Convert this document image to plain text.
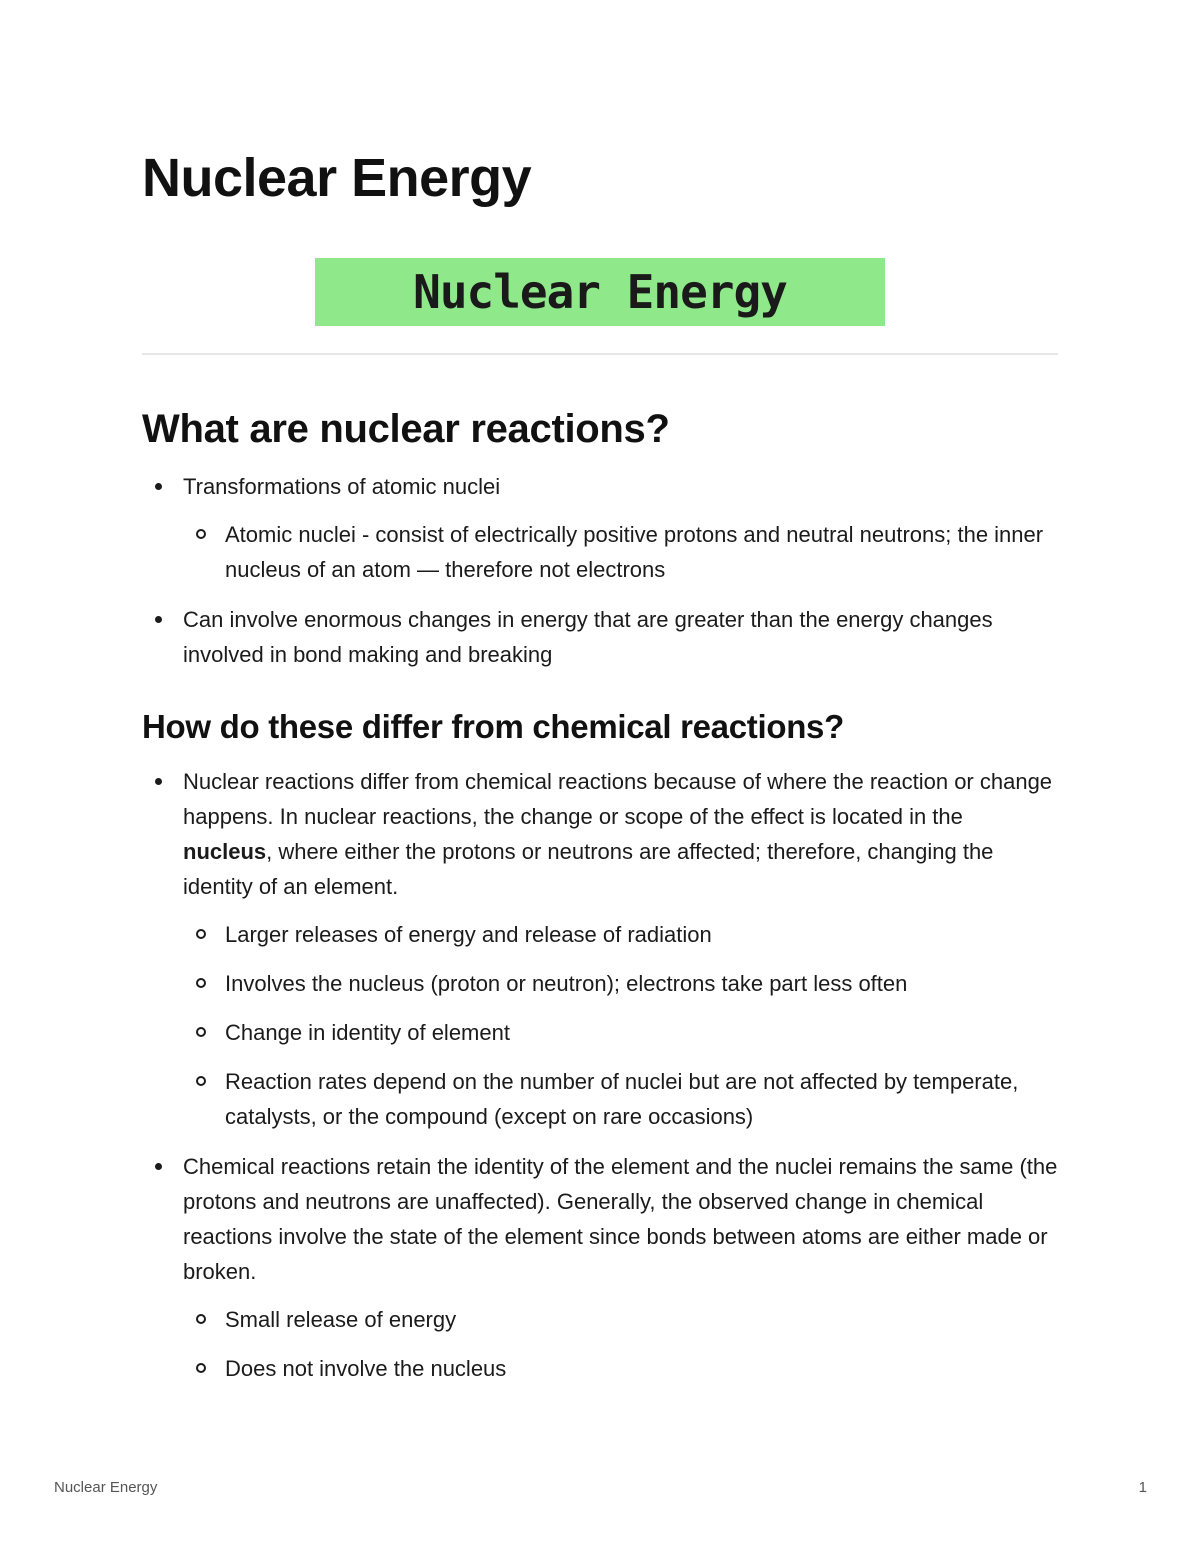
Nuclear Energy
Nuclear Energy
What are nuclear reactions?
Transformations of atomic nuclei
Atomic nuclei - consist of electrically positive protons and neutral neutrons; the inner nucleus of an atom — therefore not electrons
Can involve enormous changes in energy that are greater than the energy changes involved in bond making and breaking
How do these differ from chemical reactions?
Nuclear reactions differ from chemical reactions because of where the reaction or change happens. In nuclear reactions, the change or scope of the effect is located in the nucleus, where either the protons or neutrons are affected; therefore, changing the identity of an element.
Larger releases of energy and release of radiation
Involves the nucleus (proton or neutron); electrons take part less often
Change in identity of element
Reaction rates depend on the number of nuclei but are not affected by temperate, catalysts, or the compound (except on rare occasions)
Chemical reactions retain the identity of the element and the nuclei remains the same (the protons and neutrons are unaffected). Generally, the observed change in chemical reactions involve the state of the element since bonds between atoms are either made or broken.
Small release of energy
Does not involve the nucleus
Nuclear Energy	1
